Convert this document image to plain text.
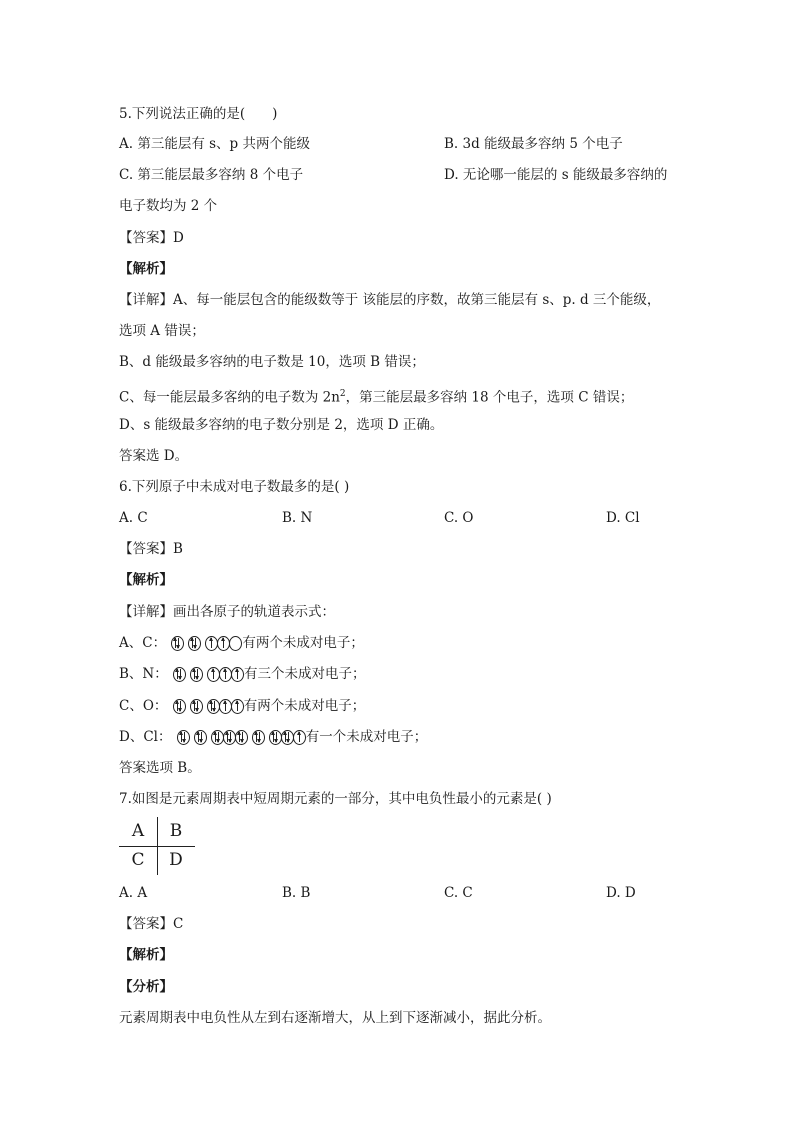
5.下列说法正确的是(　　)
A. 第三能层有 s、p 共两个能级	B. 3d 能级最多容纳 5 个电子
C. 第三能层最多容纳 8 个电子	D. 无论哪一能层的 s 能级最多容纳的
电子数均为 2 个
【答案】D
【解析】
【详解】A、每一能层包含的能级数等于 该能层的序数，故第三能层有 s、p. d 三个能级，
选项 A 错误；
B、d 能级最多容纳的电子数是 10，选项 B 错误；
C、每一能层最多客纳的电子数为 $2n^2$，第三能层最多容纳 18 个电子，选项 C 错误；
D、s 能级最多容纳的电子数分别是 2，选项 D 正确。
答案选 D。
6.下列原子中未成对电子数最多的是( )
A. C	B. N	C. O	D. Cl
【答案】B
【解析】
【详解】画出各原子的轨道表示式：
A、C：	有两个未成对电子；
B、N：	有三个未成对电子；
C、O：	有两个未成对电子；
D、Cl：	有一个未成对电子；
答案选项 B。
7.如图是元素周期表中短周期元素的一部分，其中电负性最小的元素是( )
A	B
C	D
A. A	B. B	C. C	D. D
【答案】C
【解析】
【分析】
元素周期表中电负性从左到右逐渐增大，从上到下逐渐减小，据此分析。
